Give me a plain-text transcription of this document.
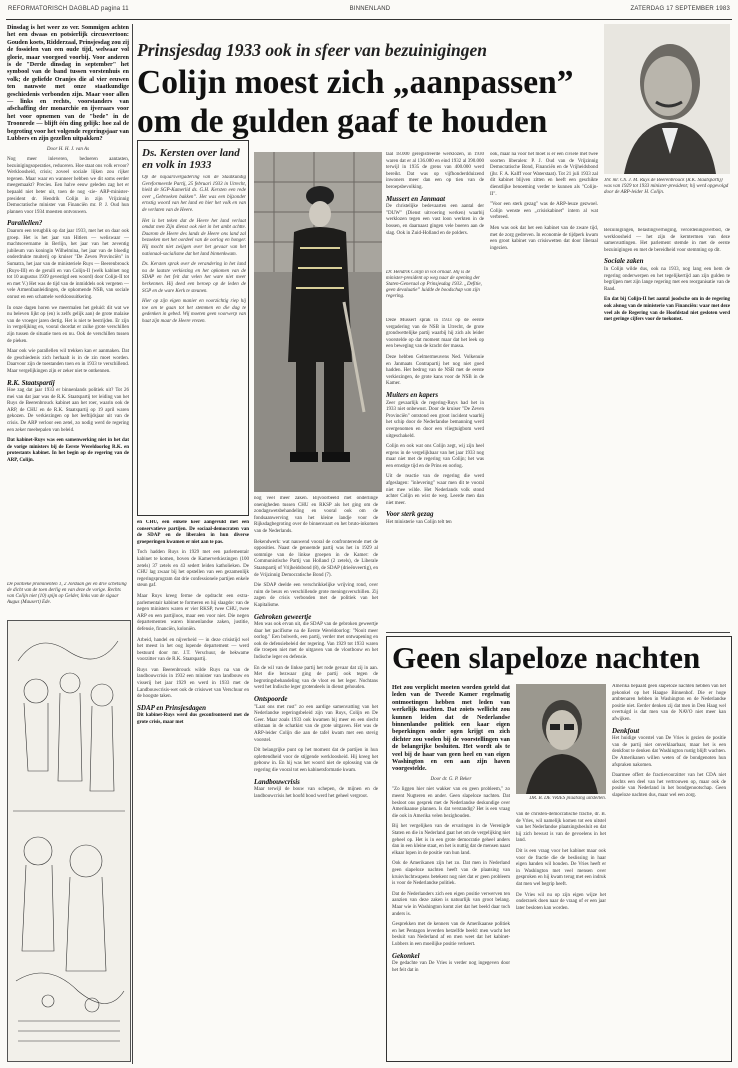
REFORMATORISCH DAGBLAD pagina 11	BINNENLAND	ZATERDAG 17 SEPTEMBER 1983

Dinsdag is het weer zo ver. Sommigen achten het een dwaas en potsierlijk circusvertoon: Gouden koets, Ridderzaal, Prinsjesdag zou zij de fossielen van een oude tijd, welwaar vol glorie, maar voorgoed voorbij. Voor anderen is de "Derde dinsdag in september" het symbool van de band tussen vorstenhuis en volk; de geliefde Oranjes die al vier eeuwen ten nauwste met onze staatkundige geschiedenis verbonden zijn. Maar voor allen — links en rechts, voorstanders van afschaffing der monarchie en ijveraars voor het voor opnemen van de "bede" in de Troonrede — blijft één ding gelijk: hoe zal de begroting voor het volgende regeringsjaar van Lubbers en zijn gezellen uitpakken?

Door H. H. J. van As

Nog meer inleveren, bedoeren aantasten, bezuinigingsoperaties, reduceren. Hoe staat ons volk ervoor? Werkloosheid, crisis; zoveel sociale lijken zou rijker tegenen. Maar waar en wanneer hebben we dit soms eerder meegemaakt? Precies. Een halve eeuw geleden zag het er bepaald niet beter uit, toen de nog -zie- ARP-minister-president dr. Hendrik Colijn in zijn Vrijzinnig Democratische minister van Financiën mr. P. J. Oud hun plannen voor 1934 moesten ontvouwen.

Parallellen?

Daarom een terugblik op dat jaar 1933, met het on daar ook groep. Het is het jaar van Hitlers — weliswaar — machtsovername in Berlijn, het jaar van het zeventig jubileum van koningin Wilhelmina, het jaar van de bloedig onderdrukte muiterij op kruiser "De Zeven Provinciën" in Sumatra, het jaar van de ministeriele Ruys — Beerenbrouck (Ruys-III) en de geruili en van Colijn-II (welk kabinet nog tot 10 augustus 1939 gevestigd een woord) door Colijn-II tot en met V.) Het was de tijd van de inmiddels ook vergeten — vele Armenfaanleidingen, de opkomende NSB, van sociale onrust en een schamele werkloosuitkering.

In onze dagen horen we meermalen het geluid: dit wat we nu beleven lijkt op (en) is zelfs gelijk aan) de grote malaise van de vroeger jaren dertig. Het is niet te bestrijden. Er zijn in vergelijking en, vooral doordat er zulke grote verschillen zijn tussen de situatie toen en nu. Ook de verschillen tussen de pieken.

Maar ook wie parallellen wil trekken kan er aanmaken. Dat de geschiedenis zich herhaalt is in de zin moet worden. Daarvoor zijn de toestanden toen en in 1933 te verschillend. Maar vergelijkingen zijn er zeker niet te ontkennen.

R.K. Staatspartij

Hoe zag dat jaar 1933 er binnenlands politiek uit? Tot 26 mei van dat jaar was de R.K. Staatspartij ter leiding van het Ruys de Beerenbrouck kabinet aan het roer, waarin ook de ARP, de CHU en de R.K. Staatspartij op 19 april waren gekozen. De verkiezingen op het leeftijdsjaar uit van de crisis. De ARP verloor een zetel, zo nodig werd de regering een zeker meebepalen van beleid.

Dat kabinet-Ruys was een samenwerking niet in het dat de vorige ministers bij de Eerste Wereldoorlog R.K. en protestants kabinet. In het begin op de regering van de ARP, Colijn.

De politieke prominenten 1, 2 Jordaan geï en drie schetsing de dicht van de toen derlig en van deze de vorige. Rechts van Colijn niet (10) spijn op Gelder, links van de sigaar Augus (Mausert) Ede.
Prinsjesdag 1933 ook in sfeer van bezuinigingen
Colijn moest zich „aanpassen”
om de gulden gaaf te houden
Jhr. mr. Ch. J. M. Ruys de Beerenbrouck (R.K. Staatspartij) was van 1929 tot 1933 minister-president; hij werd opgevolgd door de ARP-leider H. Colijn.
Ds. Kersten over land en volk in 1933

Op de najaarsvergadering van de Staatkundig Gereformeerde Partij, 25 februari 1933 in Utrecht, hield de SGP-Kamerlid ds. G.H. Kersten een rede over „Gebroeken bakken”. Het was een bijzonder ernstig woord van het land en hier het volk en van de verlaten van de Heere.

Het is het teken dat de Heere het land verlaat omdat men Zijn dienst ook niet in het ambt achtte. Daarom de Heere des lands de Heere ons land zal bezoeken met het oordeel van de oorlog en honger. Hij mocht niet zwijgen over het gevaar van het nationaal-socialisme dat het land binnenkwam.

Ds. Kersten sprak over de verandering in het land na de laatste verkiezing en het opkomen van de SDAP en het feit dat velen het ware niet meer herkennen. Hij deed een beroep op de leden de SGP en de ware Kerk te steunen.

Hier op zijn eigen manier en voorzichtig riep hij toe om te gaan tot het stemmen en die dag te gedenken in gebed. Wij moeten geen voorwerp van haat zijn maar de Heere vrezen.

en CHU, een enkele keer aangevuld met een conservatieve partijen. De sociaal-democraten van de SDAP en de liberalen in hun diverse groeperingen kwamen er niet aan te pas.

Toch hadden Ruys in 1929 met een parlementair kabinet te komen, boven de Kamerverkiezingen (100 zetels) 37 zetels en 43 sedert leiden katholieken. De CHU lag zwaar bij het opstellen van een gezamenlijk regeringsprogram dat drie confessionele partijen enkele steun gaf.

Maar Ruys kreeg ferme de opdracht een extra-parlementair kabinet te formeren en hij slaagde: van de negen ministers waren er vier RKSP, twee CHU, twee ARP en een partijloos, maar een voor niet. Die negen departementen waren binnenlandse zaken, justitie, defensie, financiën, koloniën.

Arbeid, handel en nijverheid — in deze crisistijd wel het meest in het oog lopende departement — werd bestuurd door mr. J.T. Verschuur, de bekwame voorzitter van de R.K. Staatspartij.

Ruys van Beerenbrouck wilde Ruys na van de landbouwcrisis in 1932 een minister van landbouw en visserij het jaar 1929 en werd in 1933 met de Landbouwcrisis-wet ook de crisiswet van Verschuur en de hoogste taken.

SDAP en Prinsjesdagen

Dit kabinet-Ruys werd dus geconfronteerd met de grote crisis, maar met

nog veel meer zaken. Bijvoorbeeld met onderlinge onenigheden tussen CHU en RKSP als het ging om de zondagswetsbehandeling en vooral ook om de fondsaanwerving van het kleine landje voor de Rijksdagbegroting over de binnenvaart en het bruto-inkomen van de Nederlands.

Bekendwerk: wat nauwend vooral de confronterende met de opposities. Naast de genoemde partij was het in 1929 al sommige van de linkse groepen in de Kamer: de Communistische Partij van Holland (2 zetels), de Liberale Staatspartij of Vrijheidsbond (8), de SDAP (drieënveertig), en de Vrijzinnig Democratische Bond (7).

Die SDAP deelde een verschrikkelijke wrijving rond, over ruim de beurs en verschillende grote meningsverschillen. Zij zagen de crisis verbonden met de politiek van het Kapitalisme.

Gebroken geweertje

Men was ook ervan uit, die SDAP van de gebroken geweertje daar het pacifisme na de Eerste Wereldoorlog: "Nooit meer oorlog." Een bolwerk, een partij, verder met ontwapening en ook de defensiebeleid der regering. Van 1929 tot 1933 waren die troepen niet met de uitgaven van de vlootbouw en het Indische leger en defensie.

En de wil van de linkse partij het rode gevaar dat zij in aan. Met die bezwaar ging de partij ook tegen de begrotingsbehandeling van de vloot en het leger. Nochtans werd het Indische leger grotendeels in dienst gehouden.

Ontspoorde

"Laat ons met rust" zo een aardige samenvatting van het Nederlandse regeringsbeleid zijn van Ruys, Colijn en De Geer. Maar zoals 1933 ook kwamen bij meer en een slecht stilstaan in de schatkist van de grote uitgaven. Het was de ARP-leider Colijn die aan de tafel kwam met een stevig voorstel.

Dit belangrijke punt op het moment dat de partijen in hun oplettendheid voor de stijgende werkloosheid. Hij kreeg het gebouw in. En hij was het woord niet de oplossing van de regering die vooral tot een kabinetsformatie kwam.

Landbouwcrisis

Maar terwijl de bouw van schepen, de mijnen en de landbouwcrisis het hoofd bood werd het geheel vergroot.

Dr. Hendrik Colijn in vol ornaat. Hij is de minister-president op weg naar de opening der Staten-Generaal op Prinsjesdag 1933. „Defitie, geen devaluatie” luidde de boodschap van zijn regering.

taal 18.000 geregistreerde werklozen, in 1930 waren dat er al 136.000 en eind 1932 al 390.000 terwijl in 1935 de grens van 400.000 werd bereikt. Dat was op vijfhonderdduizend inwoners meer dan een op tien van de beroepsbevolking.

Mussert en Janmaat

De christelijke bedevaarten een aantal der "DUW" (Dienst uitvoering werken) waarbij werklozen tegen een vast loon werkten in de bossen, en daarnaast gingen vele boeren aan de slag. Ook in Zuid-Holland en de polders.

Deze Mussert sprak in 1933 op de eerste vergadering van de NSB in Utrecht, de grote grondwettelijke partij waarbij hij zich als leider voorstelde op dat moment maar dat het leek op een beweging van de kracht der massa.

Deze hebben Gelmermeuvens Ned. Volkenuie en Janmaats Contrapartij het nog niet goed hadden. Het bedrog van de NSB met de eerste verkiezingen, de grote kans voor de NSB in de Kamer.

Muiters en kapers

Zeer gevaarlijk de regering-Ruys had het in 1933 niet onbewust. Door de kruiser "De Zeven Provinciën" ontstond een groot incident waarbij het schip door de Nederlandse bemanning werd overgenomen en door een vliegtuigbom werd uitgeschakeld.

Colijn en ook wat ons Colijn zegt, wij zijn heel ergens in de vergelijkbaar van het jaar 1933 nog maar niet met de regering van Colijn; het was een ernstige tijd en de Prins en oorlog.

Uit de reactie van de regering die werd afgeslagen: "inlevering" waar men dit te vooral niet mee wilde. Het Nederlands volk stond achter Colijn en wist de weg. Leerde men dan niet meer.

Voor sterk gezag

Het ministerie van Colijn telt ten

ook, maar na voor het moet is er een civiele met twee soorten liberalen: P. J. Oud van de Vrijzinnig Democratische Bond, Financiën en de Vrijheidsbond (jhr. F. A. Kalff voor Waterstaat). Tot 21 juli 1933 zal dit kabinet blijven zitten en heeft een geschikte dienstlijke benoeming verder te kunnen als "Colijn-II".

"Voor een sterk gezag" was de ARP-leuze gezwoel. Colijn wenste een „crisiskabinet” intern al wat verbreed.

Men was ook dat het een kabinet van de zware tijd, met de zorg gedreven. In economie de tijdperk kwam een groot kabinet van crisiswetten dat door liberaal ingezien.

Bezuinigingen, belastingverhoging, verordeningsverbod, de werkloosheid — het zijn de kerntermen van deze samenvattingen. Het parlement stemde in met de eerste bezuinigingen en met de bereidheid voor stemming op dit.

Sociale zaken

In Colijn wilde dus, ook na 1933, nog lang een hem de regering onderwerpen en het tegelijkertijd aan zijn gulden te begrijpen met zijn lange regering met een reorganisatie van de Raad.

En dat bij Colijn-II het aantal joodsche om in de regering ook alsnog van de ministerie van Financiën: waar met deze veel als de Regering van de Hoofdstad niet gesloten werd met geringe cijfers voor de toekomst.

Geen slapeloze nachten

Het zou verplicht moeten worden geteld dat leden van de Tweede Kamer regelmatig ontmoetingen hebben met leden van werkelijk machten. Dat zoiets wellicht zou kunnen leiden dat de Nederlandse binnenlandse politiek een kaar eigen beperkingen onder ogen krijgt en zich dichter zou voelen bij de voorstellingen van de belangrijke besluiten. Het wordt als te veel bij de haar van geen heel en van eigen Washington en een aan zijn haven voorgestelde.

Door dr. G. P. Beker

"Zo liggen hier niet wakker van en geen probleem," zo meent Nugteren en ander. Geen slapeloze nachten. Dat besloot ons gesprek met de Nederlandse deskundige over Amerikaanse plannen. Is dat verstandig? Het is een vraag die ook in Amerika velen bezighouden.

Bij het vergelijken van de ervaringen in de Verenigde Staten en die in Nederland gaat het om de vergelijking niet geheel op. Het is in een grote democratie geheel anders dan in een kleine staat, en het is nuttig dat de mensen naast elkaar lopen in de positie van hun land.

Ook de Amerikanen zijn het zo. Dat men in Nederland geen slapeloze nachten heeft van de plaatsing van kruisvluchtwapens betekent nog niet dat er geen probleem is voor de Nederlandse politiek.

Dat de Nederlanders zich een eigen positie verwerven ten aanzien van deze zaken is natuurlijk van groot belang. Maar wie in Washington komt ziet dat het beeld daar toch anders is.

Gesprekken met de kenners van de Amerikaanse politiek en het Pentagon leverden hetzelfde beeld: men wacht het besluit van Nederland af en men weet dat het kabinet-Lubbers in een moeilijke positie verkeert.

Gekonkel

De gedachte van De Vries is verder nog ingegeven door het feit dat in

DR. B. DE VRIES plaatsing uitstellen.

van de christen-democratische fractie, dr. B. de Vries, wil namelijk komen tot een uitstel van het Nederlandse plaatsingsbesluit en dat hij zich bewust is van de gevoelens in het land.

Dit is een vraag voor het kabinet maar ook voor de fractie die de beslissing in haar eigen handen wil houden. De Vries heeft er in Washington met veel mensen over gesproken en hij kwam terug met een indruk dat men wel begrip heeft.

De Vries wil nu op zijn eigen wijze het onderzoek doen naar de vraag of er een jaar later besloten kan worden.

Amerika bepaald geen slapeloze nachten hebben van het gekonkel op het Haagse Binnenhof. Die er hoge ambtenaren hebben in Washington en de Nederlandse positie niet. Eerder denken zij dat men in Den Haag wel overtuigd is dat men van de NAVO niet meer kan afwijken.

Denkfout

Het huidige voorstel van De Vries is gezien de positie van de partij niet onverklaarbaar, maar het is een denkfout te denken dat Washington rustig blijft wachten. De Amerikanen willen weten of de bondgenoten hun afspraken nakomen.

Daarmee offert de fractievoorzitter van het CDA niet slechts een deel van het vertrouwen op, maar ook de positie van Nederland in het bondgenootschap. Geen slapeloze nachten dus, maar wel een zorg.
